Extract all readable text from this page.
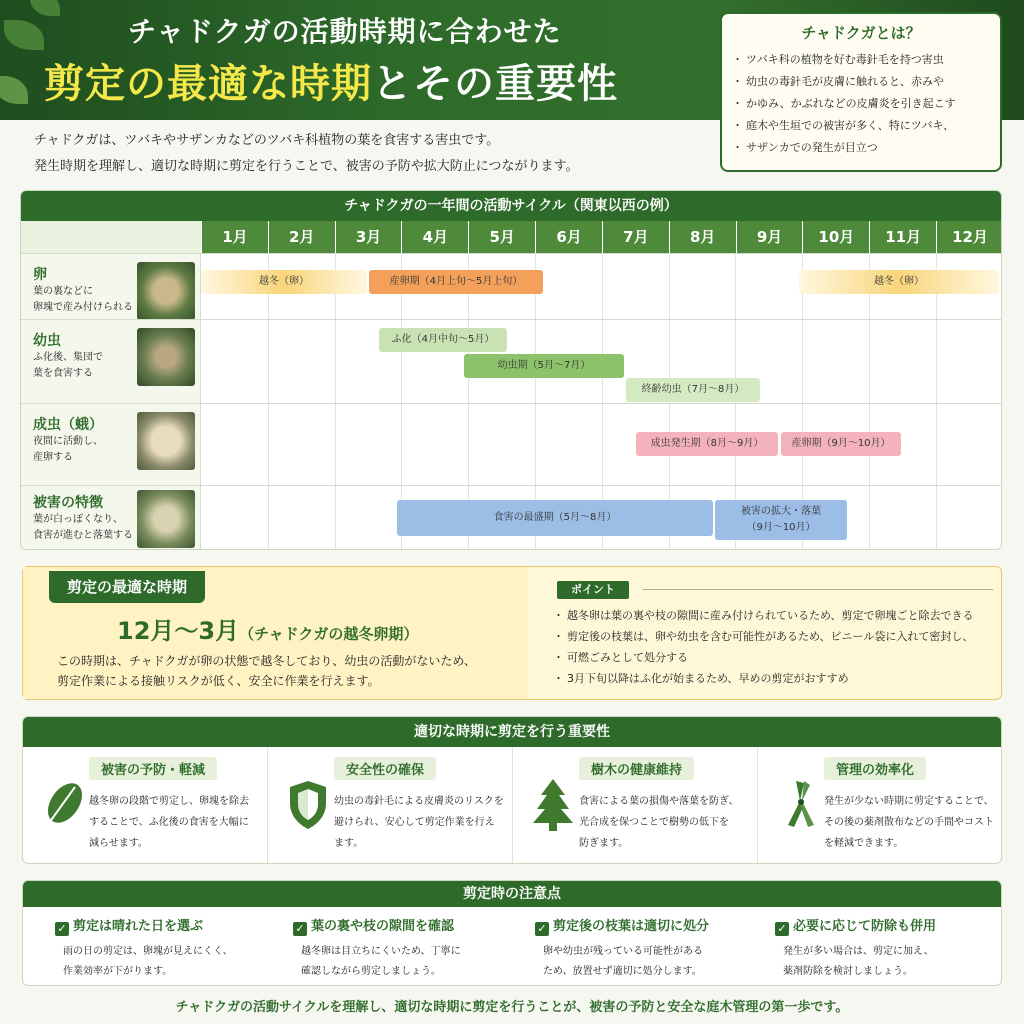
チャドクガの活動時期に合わせた
剪定の最適な時期とその重要性
チャドクガは、ツバキやサザンカなどのツバキ科植物の葉を食害する害虫です。
発生時期を理解し、適切な時期に剪定を行うことで、被害の予防や拡大防止につながります。
チャドクガとは？
・ ツバキ科の植物を好む毒針毛を持つ害虫
・ 幼虫の毒針毛が皮膚に触れると、赤みや
・ かゆみ、かぶれなどの皮膚炎を引き起こす
・ 庭木や生垣での被害が多く、特にツバキ、
・ サザンカでの発生が目立つ
チャドクガの一年間の活動サイクル（関東以西の例）
1月	2月	3月	4月	5月	6月	7月	8月	9月	10月	11月	12月
卵
葉の裏などに
卵塊で産み付けられる
越冬（卵）	産卵期（4月上旬〜5月上旬）	越冬（卵）
幼虫
ふ化後、集団で
葉を食害する
ふ化（4月中旬〜5月）
幼虫期（5月〜7月）
終齢幼虫（7月〜8月）
成虫（蛾）
夜間に活動し、
産卵する
成虫発生期（8月〜9月）	産卵期（9月〜10月）
被害の特徴
葉が白っぽくなり、
食害が進むと落葉する
食害の最盛期（5月〜8月）
被害の拡大・落葉
（9月〜10月）
剪定の最適な時期
12月〜3月（チャドクガの越冬卵期）
この時期は、チャドクガが卵の状態で越冬しており、幼虫の活動がないため、
剪定作業による接触リスクが低く、安全に作業を行えます。
ポイント
・ 越冬卵は葉の裏や枝の隙間に産み付けられているため、剪定で卵塊ごと除去できる
・ 剪定後の枝葉は、卵や幼虫を含む可能性があるため、ビニール袋に入れて密封し、
・ 可燃ごみとして処分する
・ 3月下旬以降はふ化が始まるため、早めの剪定がおすすめ
適切な時期に剪定を行う重要性
被害の予防・軽減
越冬卵の段階で剪定し、卵塊を除去
することで、ふ化後の食害を大幅に
減らせます。
安全性の確保
幼虫の毒針毛による皮膚炎のリスクを
避けられ、安心して剪定作業を行え
ます。
樹木の健康維持
食害による葉の損傷や落葉を防ぎ、
光合成を保つことで樹勢の低下を
防ぎます。
管理の効率化
発生が少ない時期に剪定することで、
その後の薬剤散布などの手間やコスト
を軽減できます。
剪定時の注意点
✓ 剪定は晴れた日を選ぶ
雨の日の剪定は、卵塊が見えにくく、
作業効率が下がります。
✓ 葉の裏や枝の隙間を確認
越冬卵は目立ちにくいため、丁寧に
確認しながら剪定しましょう。
✓ 剪定後の枝葉は適切に処分
卵や幼虫が残っている可能性がある
ため、放置せず適切に処分します。
✓ 必要に応じて防除も併用
発生が多い場合は、剪定に加え、
薬剤防除を検討しましょう。
チャドクガの活動サイクルを理解し、適切な時期に剪定を行うことが、被害の予防と安全な庭木管理の第一歩です。
